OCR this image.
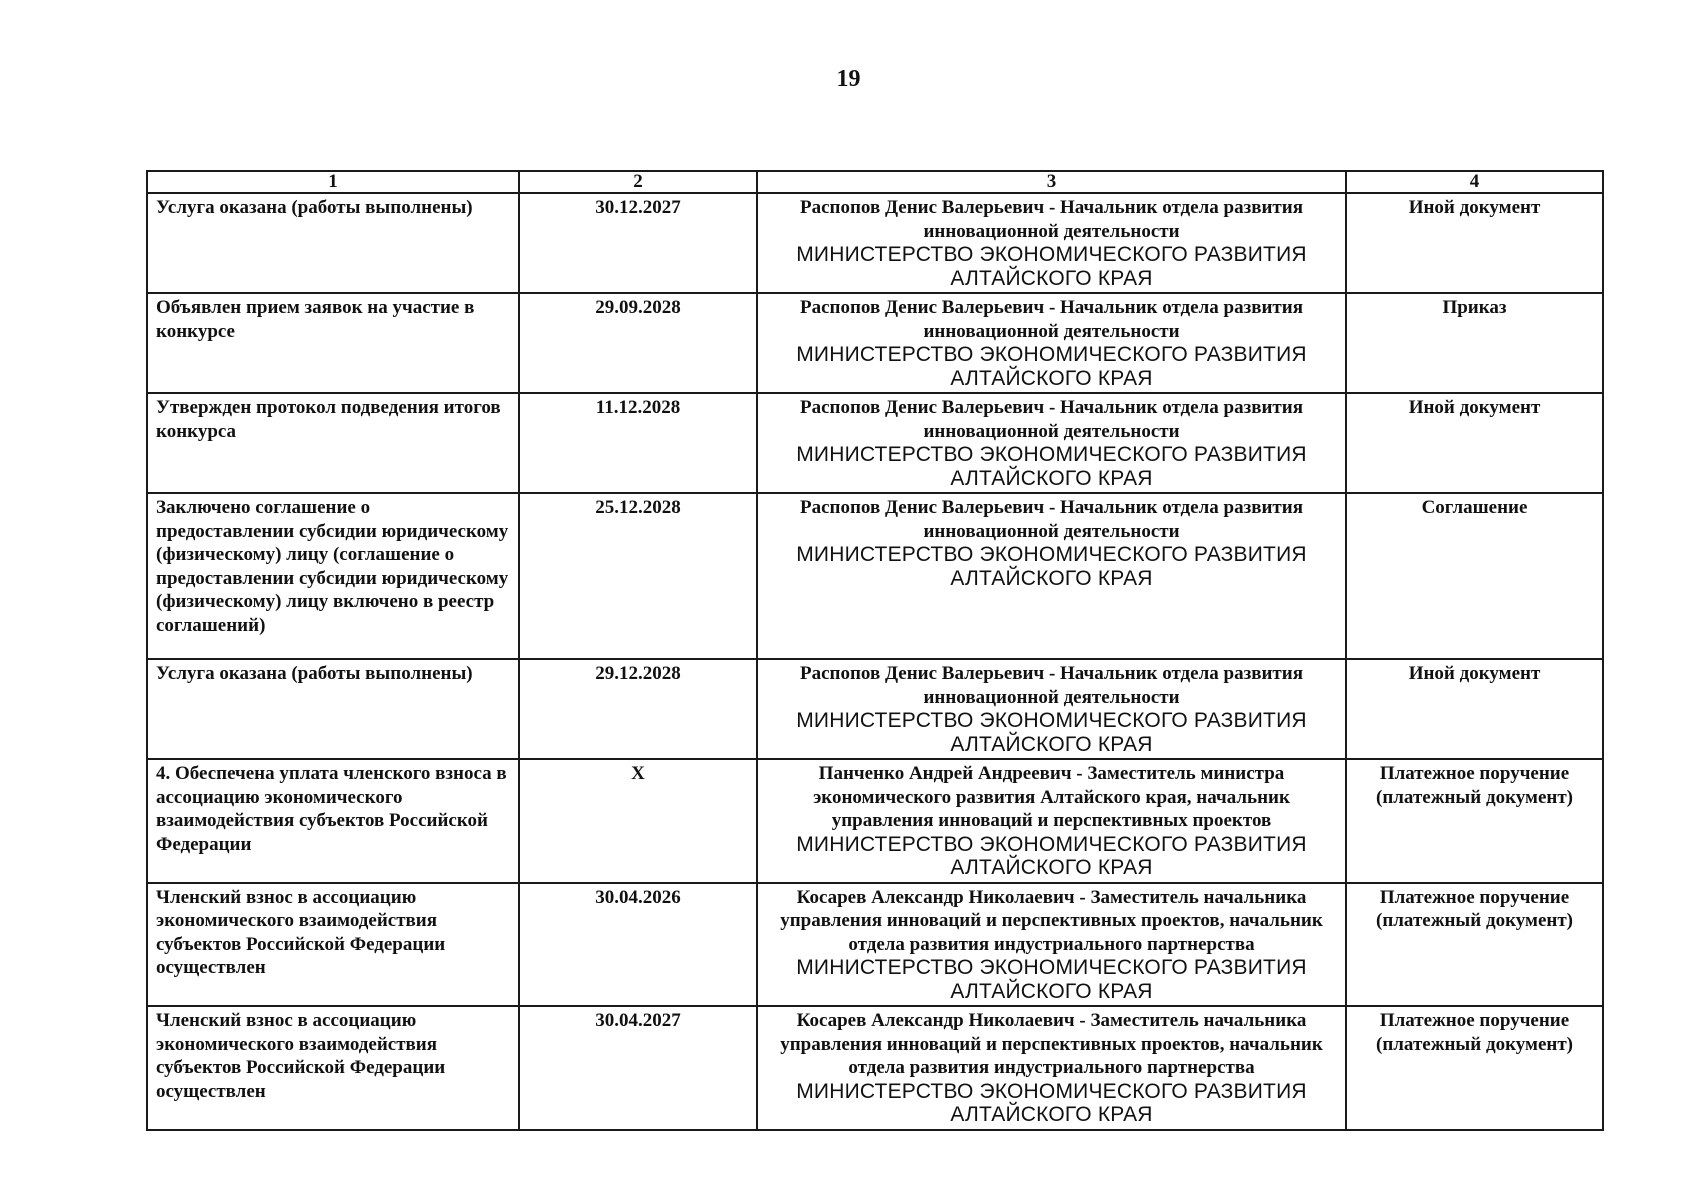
19
1	2	3	4
Услуга оказана (работы выполнены)	30.12.2027	Распопов Денис Валерьевич - Начальник отдела развития инновационной деятельности
МИНИСТЕРСТВО ЭКОНОМИЧЕСКОГО РАЗВИТИЯ АЛТАЙСКОГО КРАЯ	Иной документ
Объявлен прием заявок на участие в конкурсе	29.09.2028	Распопов Денис Валерьевич - Начальник отдела развития инновационной деятельности
МИНИСТЕРСТВО ЭКОНОМИЧЕСКОГО РАЗВИТИЯ АЛТАЙСКОГО КРАЯ	Приказ
Утвержден протокол подведения итогов конкурса	11.12.2028	Распопов Денис Валерьевич - Начальник отдела развития инновационной деятельности
МИНИСТЕРСТВО ЭКОНОМИЧЕСКОГО РАЗВИТИЯ АЛТАЙСКОГО КРАЯ	Иной документ
Заключено соглашение о предоставлении субсидии юридическому (физическому) лицу (соглашение о предоставлении субсидии юридическому (физическому) лицу включено в реестр соглашений)	25.12.2028	Распопов Денис Валерьевич - Начальник отдела развития инновационной деятельности
МИНИСТЕРСТВО ЭКОНОМИЧЕСКОГО РАЗВИТИЯ АЛТАЙСКОГО КРАЯ	Соглашение
Услуга оказана (работы выполнены)	29.12.2028	Распопов Денис Валерьевич - Начальник отдела развития инновационной деятельности
МИНИСТЕРСТВО ЭКОНОМИЧЕСКОГО РАЗВИТИЯ АЛТАЙСКОГО КРАЯ	Иной документ
4. Обеспечена уплата членского взноса в ассоциацию экономического взаимодействия субъектов Российской Федерации	X	Панченко Андрей Андреевич - Заместитель министра экономического развития Алтайского края, начальник управления инноваций и перспективных проектов
МИНИСТЕРСТВО ЭКОНОМИЧЕСКОГО РАЗВИТИЯ АЛТАЙСКОГО КРАЯ	Платежное поручение (платежный документ)
Членский взнос в ассоциацию экономического взаимодействия субъектов Российской Федерации осуществлен	30.04.2026	Косарев Александр Николаевич - Заместитель начальника управления инноваций и перспективных проектов, начальник отдела развития индустриального партнерства
МИНИСТЕРСТВО ЭКОНОМИЧЕСКОГО РАЗВИТИЯ АЛТАЙСКОГО КРАЯ	Платежное поручение (платежный документ)
Членский взнос в ассоциацию экономического взаимодействия субъектов Российской Федерации осуществлен	30.04.2027	Косарев Александр Николаевич - Заместитель начальника управления инноваций и перспективных проектов, начальник отдела развития индустриального партнерства
МИНИСТЕРСТВО ЭКОНОМИЧЕСКОГО РАЗВИТИЯ АЛТАЙСКОГО КРАЯ	Платежное поручение (платежный документ)
